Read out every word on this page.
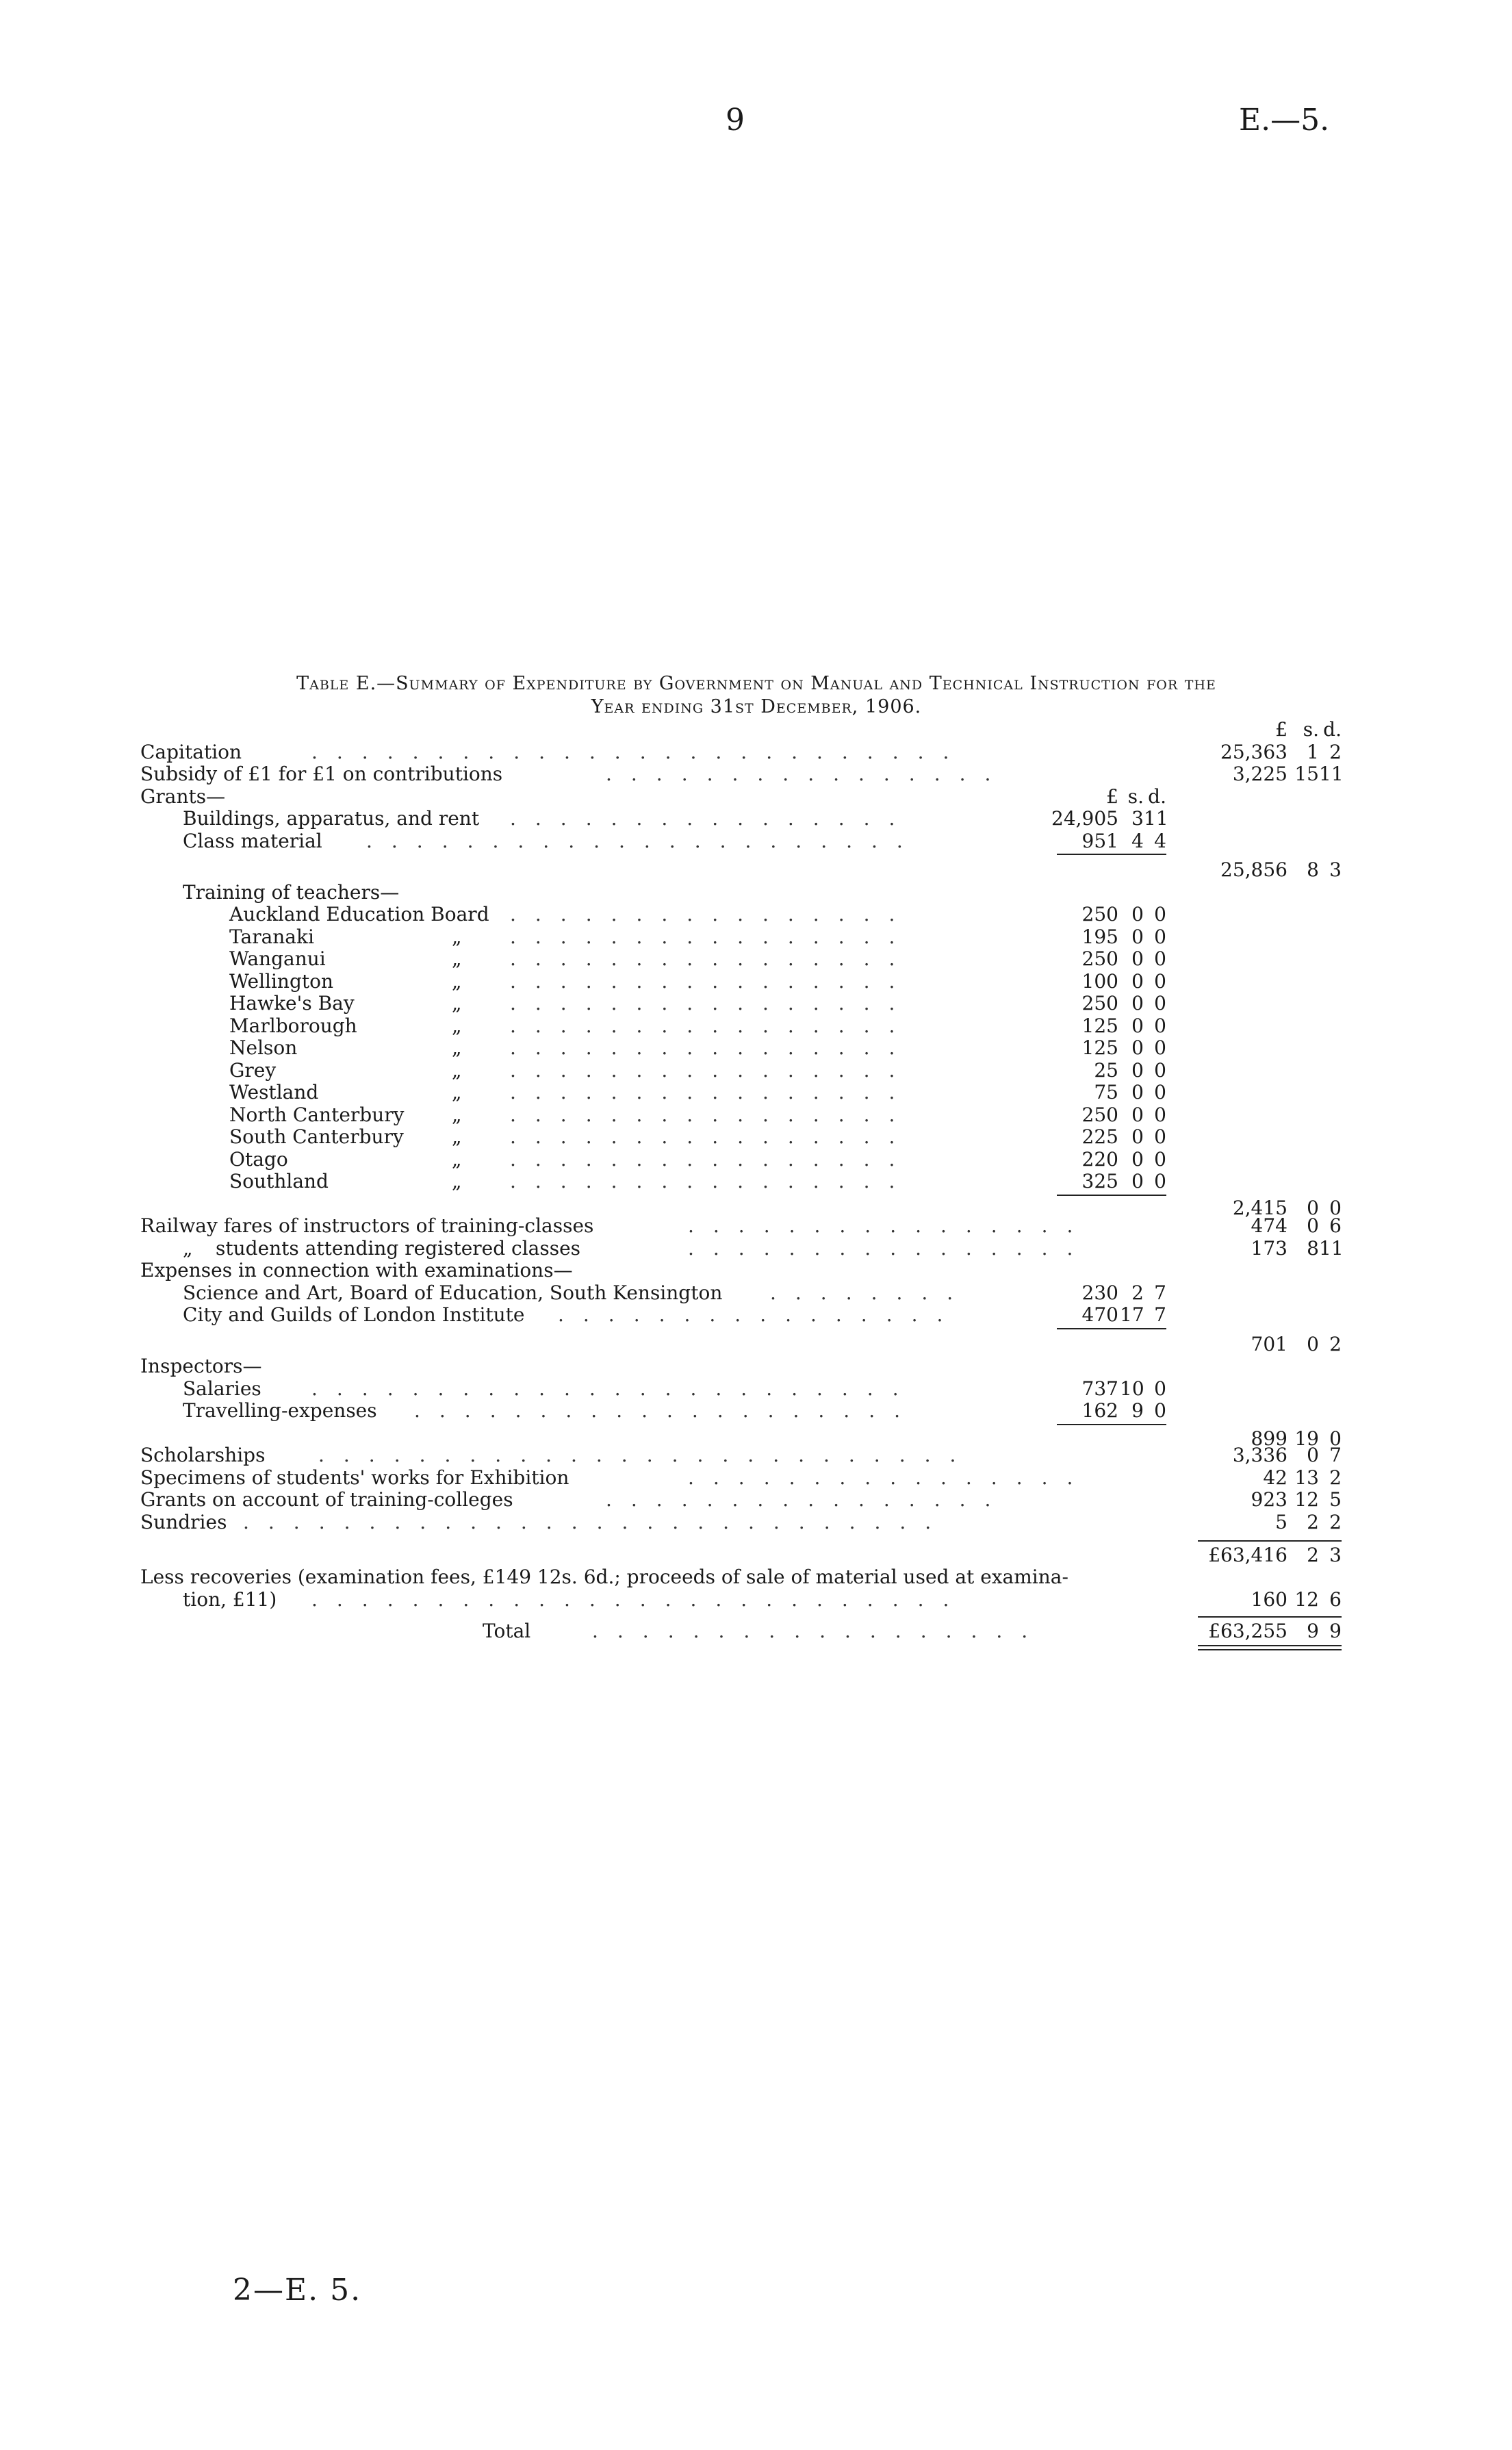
9	E.—5.
Table E.—Summary of Expenditure by Government on Manual and Technical Instruction for the
Year ending 31st December, 1906.
£ s. d.
Capitation	..​..​..​..​..​..​..​..​..​..​..​..​..	25,363	1 2
Subsidy of £1 for £1 on contributions	..​..​..​..​..​..​..​..	3,225 15 11
Grants—	£ s. d.
Buildings, apparatus, and rent ..​..​..​..​..​..​..​..	24,905 3 11
Class material ..​..​..​..​..​..​..​..​..​..​..	951 4 4
25,856	8 3
Training of teachers—
Auckland Education Board ..​..​..​..​..​..​..​..	250 0 0
Taranaki	„	..​..​..​..​..​..​..​..	195 0 0
Wanganui	„	..​..​..​..​..​..​..​..	250 0 0
Wellington	„	..​..​..​..​..​..​..​..	100 0 0
Hawke's Bay	„	..​..​..​..​..​..​..​..	250 0 0
Marlborough	„	..​..​..​..​..​..​..​..	125 0 0
Nelson	„	..​..​..​..​..​..​..​..	125 0 0
Grey	„	..​..​..​..​..​..​..​..	25 0 0
Westland	„	..​..​..​..​..​..​..​..	75 0 0
North Canterbury „	..​..​..​..​..​..​..​..	250 0 0
South Canterbury	„	..​..​..​..​..​..​..​..	225 0 0
Otago	„	..​..​..​..​..​..​..​..	220 0 0
Southland	„	..​..​..​..​..​..​..​..	325 0 0
2,415	0 0
Railway fares of instructors of training-classes	..​..​..​..​..​..​..​..	474	0 6
„ students attending registered classes	..​..​..​..​..​..​..​..	173	8 11
Expenses in connection with examinations—
Science and Art, Board of Education, South Kensington ..​..​..​..	230 2 7
City and Guilds of London Institute ..​..​..​..​..​..​..​..	470 17 7
701	0 2
Inspectors—
Salaries	..​..​..​..​..​..​..​..​..​..​..​..	737 10 0
Travelling-expenses ..​..​..​..​..​..​..​..​..​..	162 9 0
899 19 0
Scholarships	..​..​..​..​..​..​..​..​..​..​..​..​..	3,336	0 7
Specimens of students' works for Exhibition	..​..​..​..​..​..​..​..	42 13 2
Grants on account of training-colleges	..​..​..​..​..​..​..​..	923 12 5
Sundries ..​..​..​..​..​..​..​..​..​..​..​..​..​..	5	2 2
£63,416	2 3
Less recoveries (examination fees, £149 12s. 6d.; proceeds of sale of material used at examina-
tion, £11) ..​..​..​..​..​..​..​..​..​..​..​..​..	160 12 6
Total	..​..​..​..​..​..​..​..​..	£63,255	9 9
2—E. 5.
